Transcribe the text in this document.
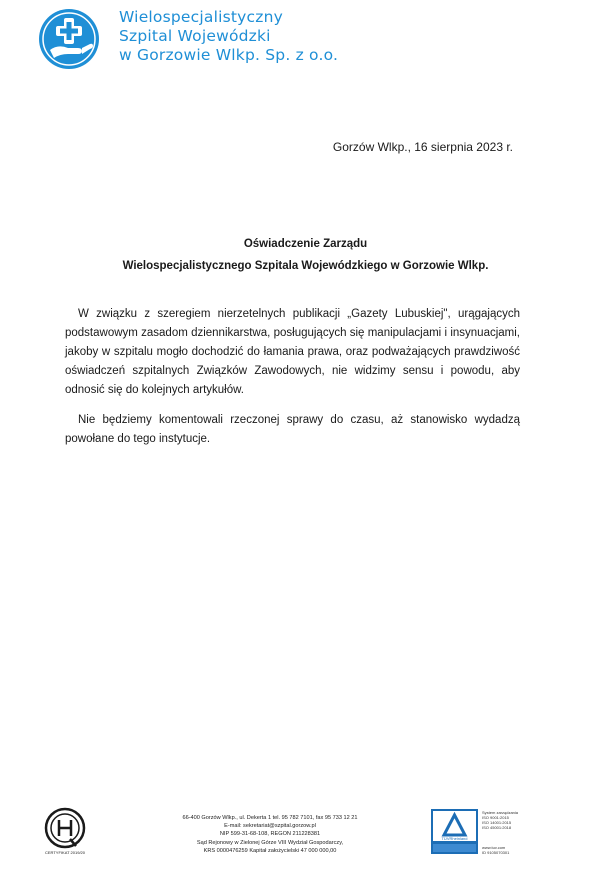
Wielospecjalistyczny
Szpital Wojewódzki
w Gorzowie Wlkp. Sp. z o.o.
Gorzów Wlkp., 16 sierpnia 2023 r.
Oświadczenie Zarządu
Wielospecjalistycznego Szpitala Wojewódzkiego w Gorzowie Wlkp.

W związku z szeregiem nierzetelnych publikacji „Gazety Lubuskiej", urągających podstawowym zasadom dziennikarstwa, posługujących się manipulacjami i insynuacjami, jakoby w szpitalu mogło dochodzić do łamania prawa, oraz podważających prawdziwość oświadczeń szpitalnych Związków Zawodowych, nie widzimy sensu i powodu, aby odnosić się do kolejnych artykułów.

Nie będziemy komentowali rzeczonej sprawy do czasu, aż stanowisko wydadzą powołane do tego instytucje.

CERTYFIKAT 2019/20
66-400 Gorzów Wlkp., ul. Dekerta 1 tel. 95 782 7101, fax 95 733 12 21
E-mail: sekretariat@szpital.gorzow.pl
NIP 599-31-68-108, REGON 211228381
Sąd Rejonowy w Zielonej Górze VIII Wydział Gospodarczy,
KRS 0000476259 Kapitał założycielski 47 000 000,00
TÜVRheinland
System zarządzania
ISO 9001:2015
ISO 14001:2015
ISO 45001:2018
www.tuv.com
ID 9105070301
